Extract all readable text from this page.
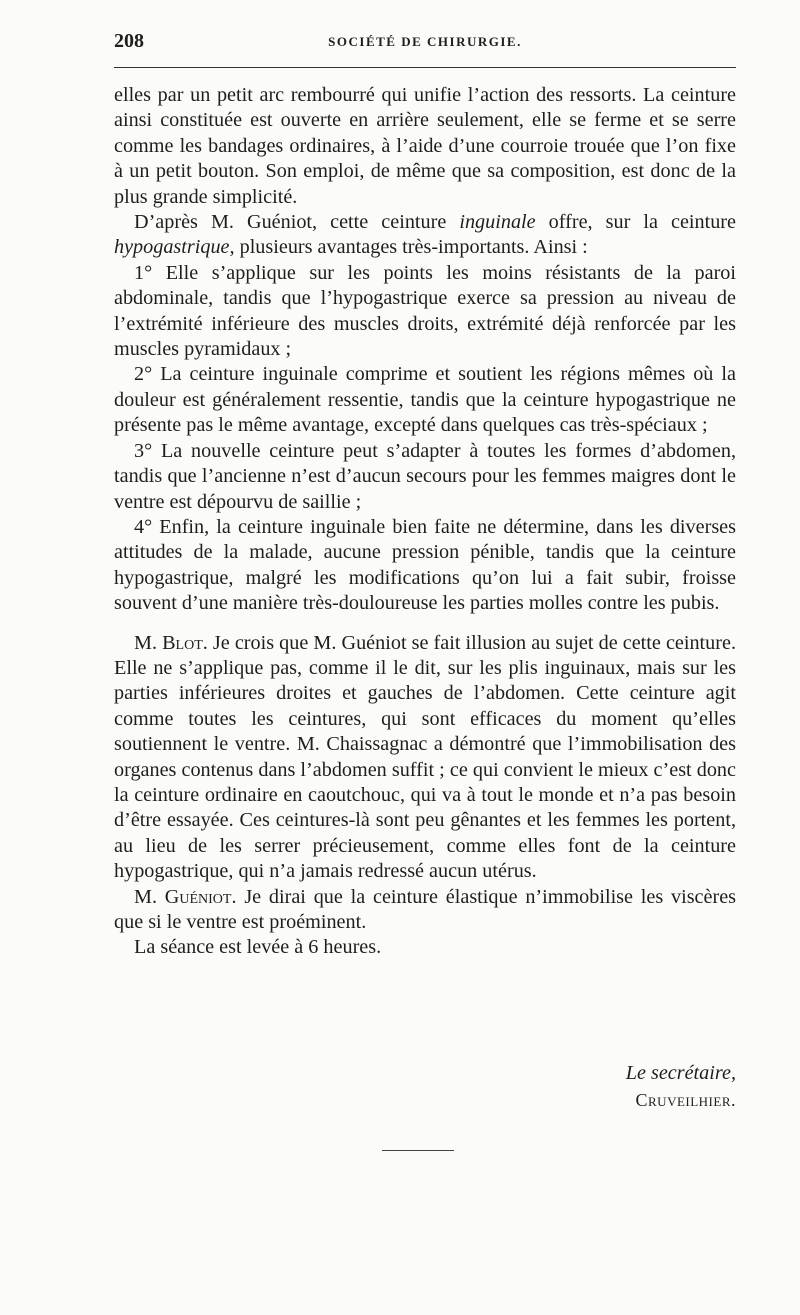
208	SOCIÉTÉ DE CHIRURGIE.

elles par un petit arc rembourré qui unifie l’action des ressorts. La ceinture ainsi constituée est ouverte en arrière seulement, elle se ferme et se serre comme les bandages ordinaires, à l’aide d’une courroie trouée que l’on fixe à un petit bouton. Son emploi, de même que sa composition, est donc de la plus grande simplicité.

D’après M. Guéniot, cette ceinture inguinale offre, sur la ceinture hypogastrique, plusieurs avantages très-importants. Ainsi :

1° Elle s’applique sur les points les moins résistants de la paroi abdominale, tandis que l’hypogastrique exerce sa pression au niveau de l’extrémité inférieure des muscles droits, extrémité déjà renforcée par les muscles pyramidaux ;

2° La ceinture inguinale comprime et soutient les régions mêmes où la douleur est généralement ressentie, tandis que la ceinture hypogastrique ne présente pas le même avantage, excepté dans quelques cas très-spéciaux ;

3° La nouvelle ceinture peut s’adapter à toutes les formes d’abdomen, tandis que l’ancienne n’est d’aucun secours pour les femmes maigres dont le ventre est dépourvu de saillie ;

4° Enfin, la ceinture inguinale bien faite ne détermine, dans les diverses attitudes de la malade, aucune pression pénible, tandis que la ceinture hypogastrique, malgré les modifications qu’on lui a fait subir, froisse souvent d’une manière très-douloureuse les parties molles contre les pubis.

M. Blot. Je crois que M. Guéniot se fait illusion au sujet de cette ceinture. Elle ne s’applique pas, comme il le dit, sur les plis inguinaux, mais sur les parties inférieures droites et gauches de l’abdomen. Cette ceinture agit comme toutes les ceintures, qui sont efficaces du moment qu’elles soutiennent le ventre. M. Chaissagnac a démontré que l’immobilisation des organes contenus dans l’abdomen suffit ; ce qui convient le mieux c’est donc la ceinture ordinaire en caoutchouc, qui va à tout le monde et n’a pas besoin d’être essayée. Ces ceintures-là sont peu gênantes et les femmes les portent, au lieu de les serrer précieusement, comme elles font de la ceinture hypogastrique, qui n’a jamais redressé aucun utérus.

M. Guéniot. Je dirai que la ceinture élastique n’immobilise les viscères que si le ventre est proéminent.

La séance est levée à 6 heures.

Le secrétaire,
Cruveilhier.
